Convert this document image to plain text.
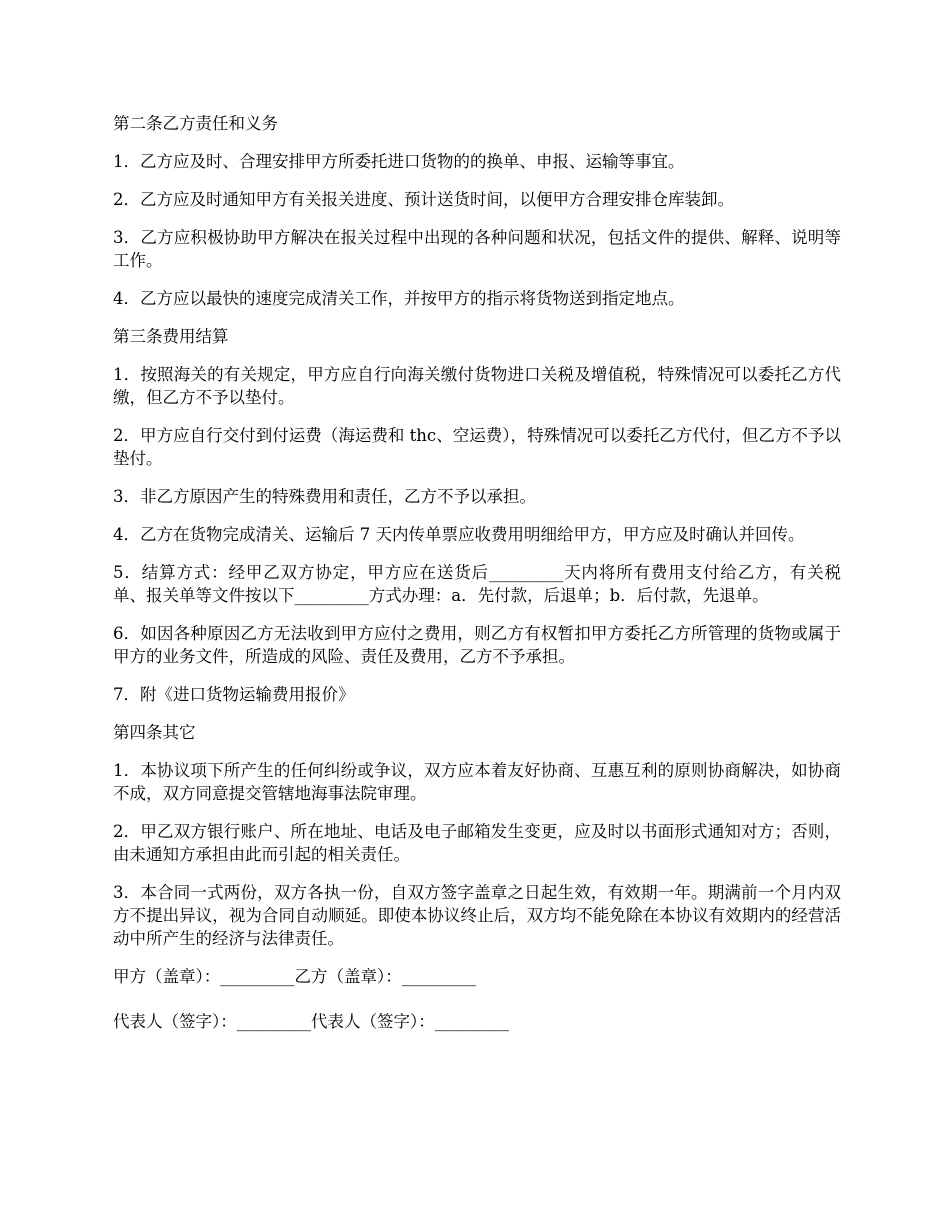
第二条乙方责任和义务

1．乙方应及时、合理安排甲方所委托进口货物的的换单、申报、运输等事宜。

2．乙方应及时通知甲方有关报关进度、预计送货时间，以便甲方合理安排仓库装卸。

3．乙方应积极协助甲方解决在报关过程中出现的各种问题和状况，包括文件的提供、解释、说明等工作。

4．乙方应以最快的速度完成清关工作，并按甲方的指示将货物送到指定地点。

第三条费用结算

1．按照海关的有关规定，甲方应自行向海关缴付货物进口关税及增值税，特殊情况可以委托乙方代缴，但乙方不予以垫付。

2．甲方应自行交付到付运费（海运费和 thc、空运费），特殊情况可以委托乙方代付，但乙方不予以垫付。

3．非乙方原因产生的特殊费用和责任，乙方不予以承担。

4．乙方在货物完成清关、运输后 7 天内传单票应收费用明细给甲方，甲方应及时确认并回传。

5．结算方式：经甲乙双方协定，甲方应在送货后_________天内将所有费用支付给乙方，有关税单、报关单等文件按以下_________方式办理：a．先付款，后退单；b．后付款，先退单。

6．如因各种原因乙方无法收到甲方应付之费用，则乙方有权暂扣甲方委托乙方所管理的货物或属于甲方的业务文件，所造成的风险、责任及费用，乙方不予承担。

7．附《进口货物运输费用报价》

第四条其它

1．本协议项下所产生的任何纠纷或争议，双方应本着友好协商、互惠互利的原则协商解决，如协商不成，双方同意提交管辖地海事法院审理。

2．甲乙双方银行账户、所在地址、电话及电子邮箱发生变更，应及时以书面形式通知对方；否则，由未通知方承担由此而引起的相关责任。

3．本合同一式两份，双方各执一份，自双方签字盖章之日起生效，有效期一年。期满前一个月内双方不提出异议，视为合同自动顺延。即使本协议终止后，双方均不能免除在本协议有效期内的经营活动中所产生的经济与法律责任。

甲方（盖章）：_________乙方（盖章）：_________

代表人（签字）：_________代表人（签字）：_________
